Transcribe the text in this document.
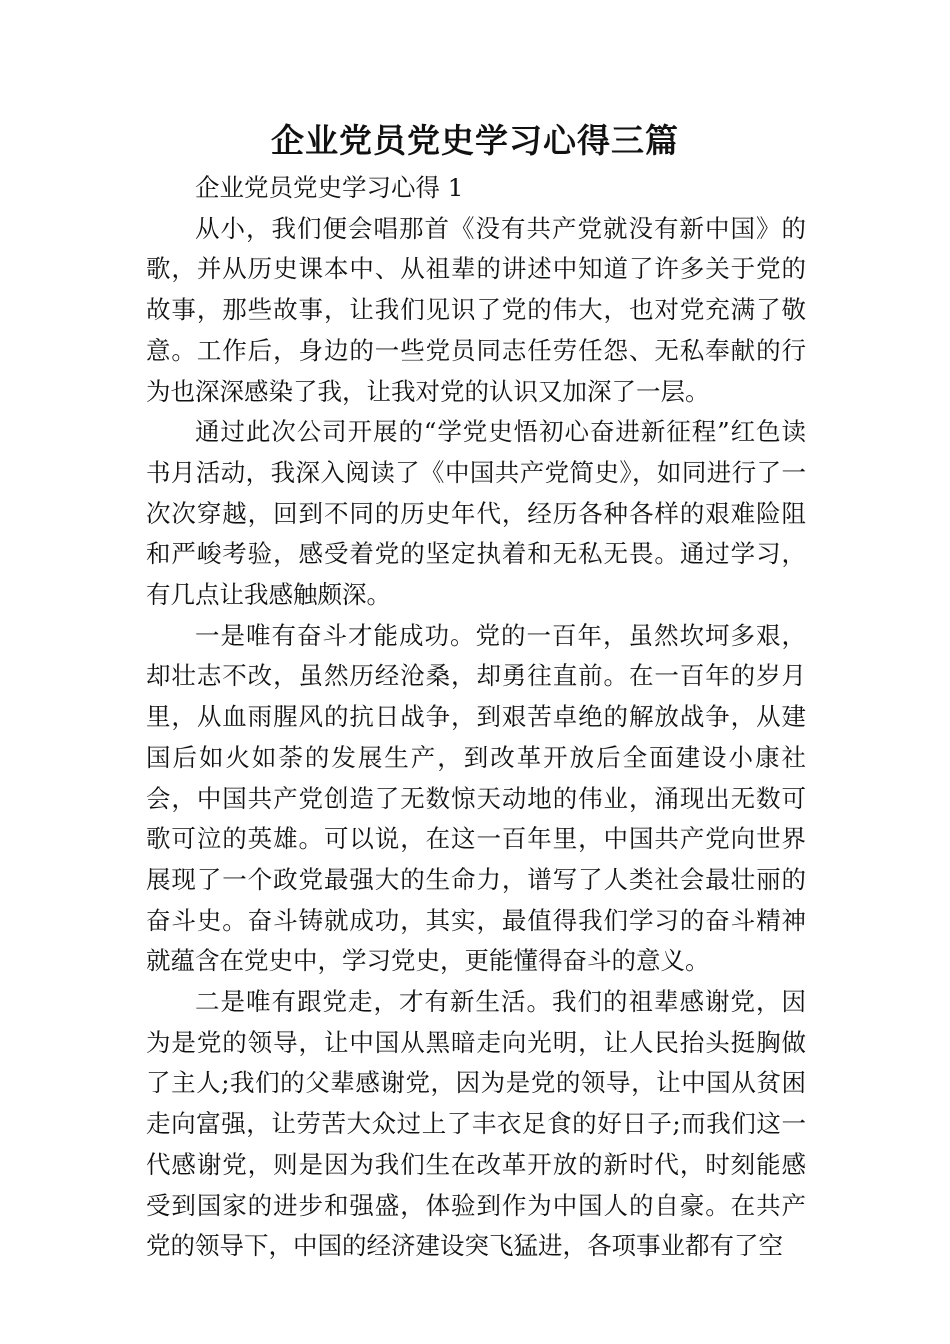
企业党员党史学习心得三篇

企业党员党史学习心得 1

从小，我们便会唱那首《没有共产党就没有新中国》的歌，并从历史课本中、从祖辈的讲述中知道了许多关于党的故事，那些故事，让我们见识了党的伟大，也对党充满了敬意。工作后，身边的一些党员同志任劳任怨、无私奉献的行为也深深感染了我，让我对党的认识又加深了一层。

通过此次公司开展的“学党史悟初心奋进新征程”红色读书月活动，我深入阅读了《中国共产党简史》，如同进行了一次次穿越，回到不同的历史年代，经历各种各样的艰难险阻和严峻考验，感受着党的坚定执着和无私无畏。通过学习，有几点让我感触颇深。

一是唯有奋斗才能成功。党的一百年，虽然坎坷多艰，却壮志不改，虽然历经沧桑，却勇往直前。在一百年的岁月里，从血雨腥风的抗日战争，到艰苦卓绝的解放战争，从建国后如火如荼的发展生产，到改革开放后全面建设小康社会，中国共产党创造了无数惊天动地的伟业，涌现出无数可歌可泣的英雄。可以说，在这一百年里，中国共产党向世界展现了一个政党最强大的生命力，谱写了人类社会最壮丽的奋斗史。奋斗铸就成功，其实，最值得我们学习的奋斗精神就蕴含在党史中，学习党史，更能懂得奋斗的意义。

二是唯有跟党走，才有新生活。我们的祖辈感谢党，因为是党的领导，让中国从黑暗走向光明，让人民抬头挺胸做了主人;我们的父辈感谢党，因为是党的领导，让中国从贫困走向富强，让劳苦大众过上了丰衣足食的好日子;而我们这一代感谢党，则是因为我们生在改革开放的新时代，时刻能感受到国家的进步和强盛，体验到作为中国人的自豪。在共产党的领导下，中国的经济建设突飞猛进，各项事业都有了空
